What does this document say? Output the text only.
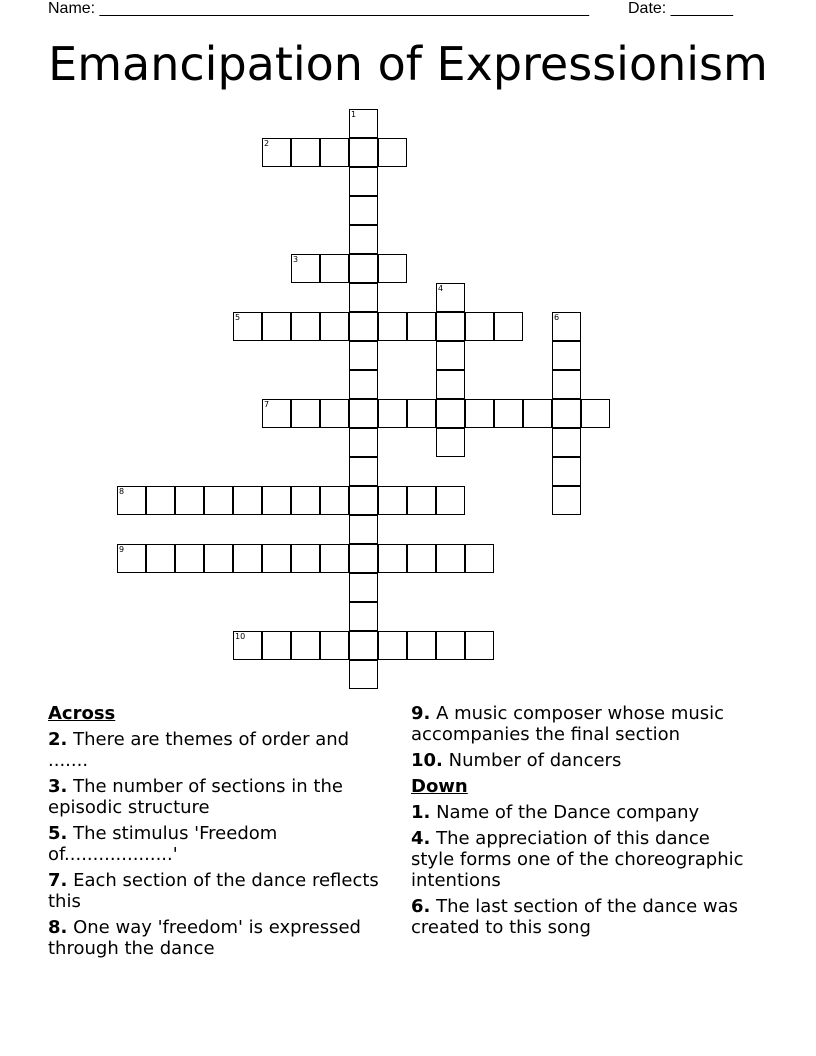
Name: _______________________________________________________ Date: _______
Emancipation of Expressionism
1
2
3
4
5	6
7
8
9
10
Across
2. There are themes of order and .......
3. The number of sections in the episodic structure
5. The stimulus 'Freedom of...................'
7. Each section of the dance reflects this
8. One way 'freedom' is expressed through the dance
9. A music composer whose music accompanies the final section
10. Number of dancers
Down
1. Name of the Dance company
4. The appreciation of this dance style forms one of the choreographic intentions
6. The last section of the dance was created to this song
